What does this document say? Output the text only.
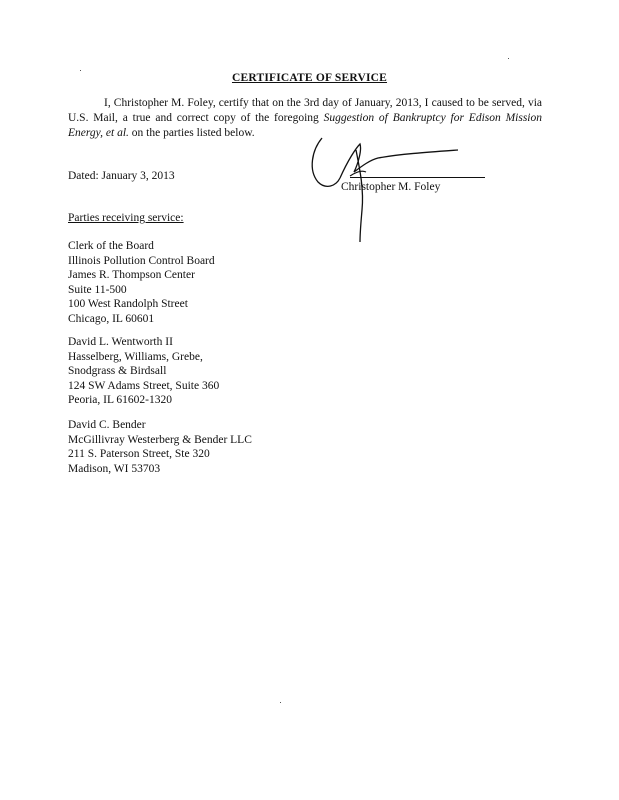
CERTIFICATE OF SERVICE
I, Christopher M. Foley, certify that on the 3rd day of January, 2013, I caused to be served, via U.S. Mail, a true and correct copy of the foregoing Suggestion of Bankruptcy for Edison Mission Energy, et al. on the parties listed below.
Dated: January 3, 2013
Christopher M. Foley
Parties receiving service:
Clerk of the Board
Illinois Pollution Control Board
James R. Thompson Center
Suite 11-500
100 West Randolph Street
Chicago, IL 60601
David L. Wentworth II
Hasselberg, Williams, Grebe,
Snodgrass & Birdsall
124 SW Adams Street, Suite 360
Peoria, IL 61602-1320
David C. Bender
McGillivray Westerberg & Bender LLC
211 S. Paterson Street, Ste 320
Madison, WI 53703
